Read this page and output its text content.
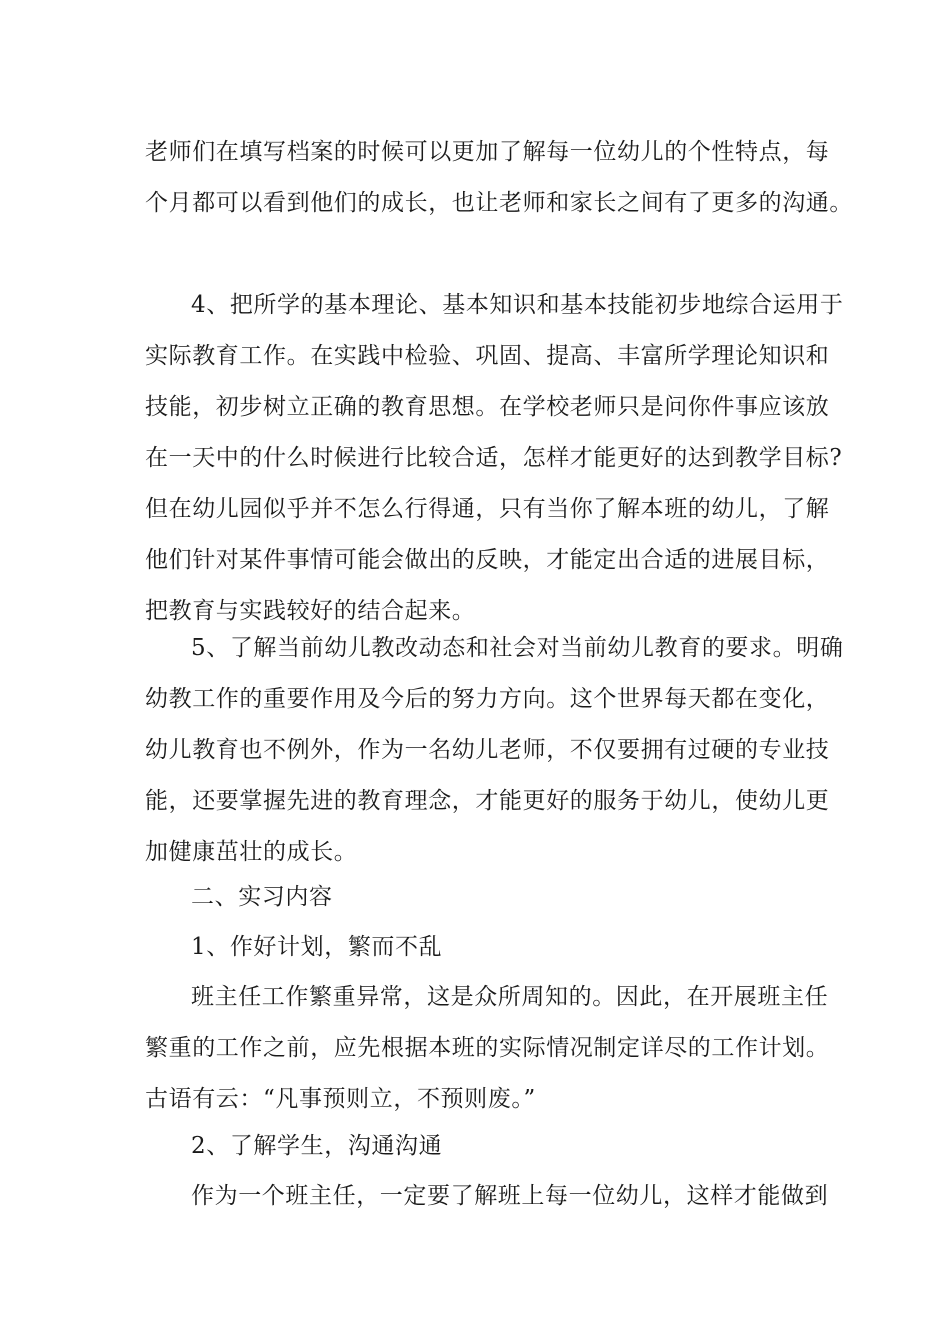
老师们在填写档案的时候可以更加了解每一位幼儿的个性特点，每
个月都可以看到他们的成长，也让老师和家长之间有了更多的沟通。

4、把所学的基本理论、基本知识和基本技能初步地综合运用于
实际教育工作。在实践中检验、巩固、提高、丰富所学理论知识和
技能，初步树立正确的教育思想。在学校老师只是问你件事应该放
在一天中的什么时候进行比较合适，怎样才能更好的达到教学目标?
但在幼儿园似乎并不怎么行得通，只有当你了解本班的幼儿，了解
他们针对某件事情可能会做出的反映，才能定出合适的进展目标，
把教育与实践较好的结合起来。

5、了解当前幼儿教改动态和社会对当前幼儿教育的要求。明确
幼教工作的重要作用及今后的努力方向。这个世界每天都在变化，
幼儿教育也不例外，作为一名幼儿老师，不仅要拥有过硬的专业技
能，还要掌握先进的教育理念，才能更好的服务于幼儿，使幼儿更
加健康茁壮的成长。

二、实习内容

1、作好计划，繁而不乱

班主任工作繁重异常，这是众所周知的。因此，在开展班主任
繁重的工作之前，应先根据本班的实际情况制定详尽的工作计划。
古语有云：“凡事预则立，不预则废。”

2、了解学生，沟通沟通

作为一个班主任，一定要了解班上每一位幼儿，这样才能做到
